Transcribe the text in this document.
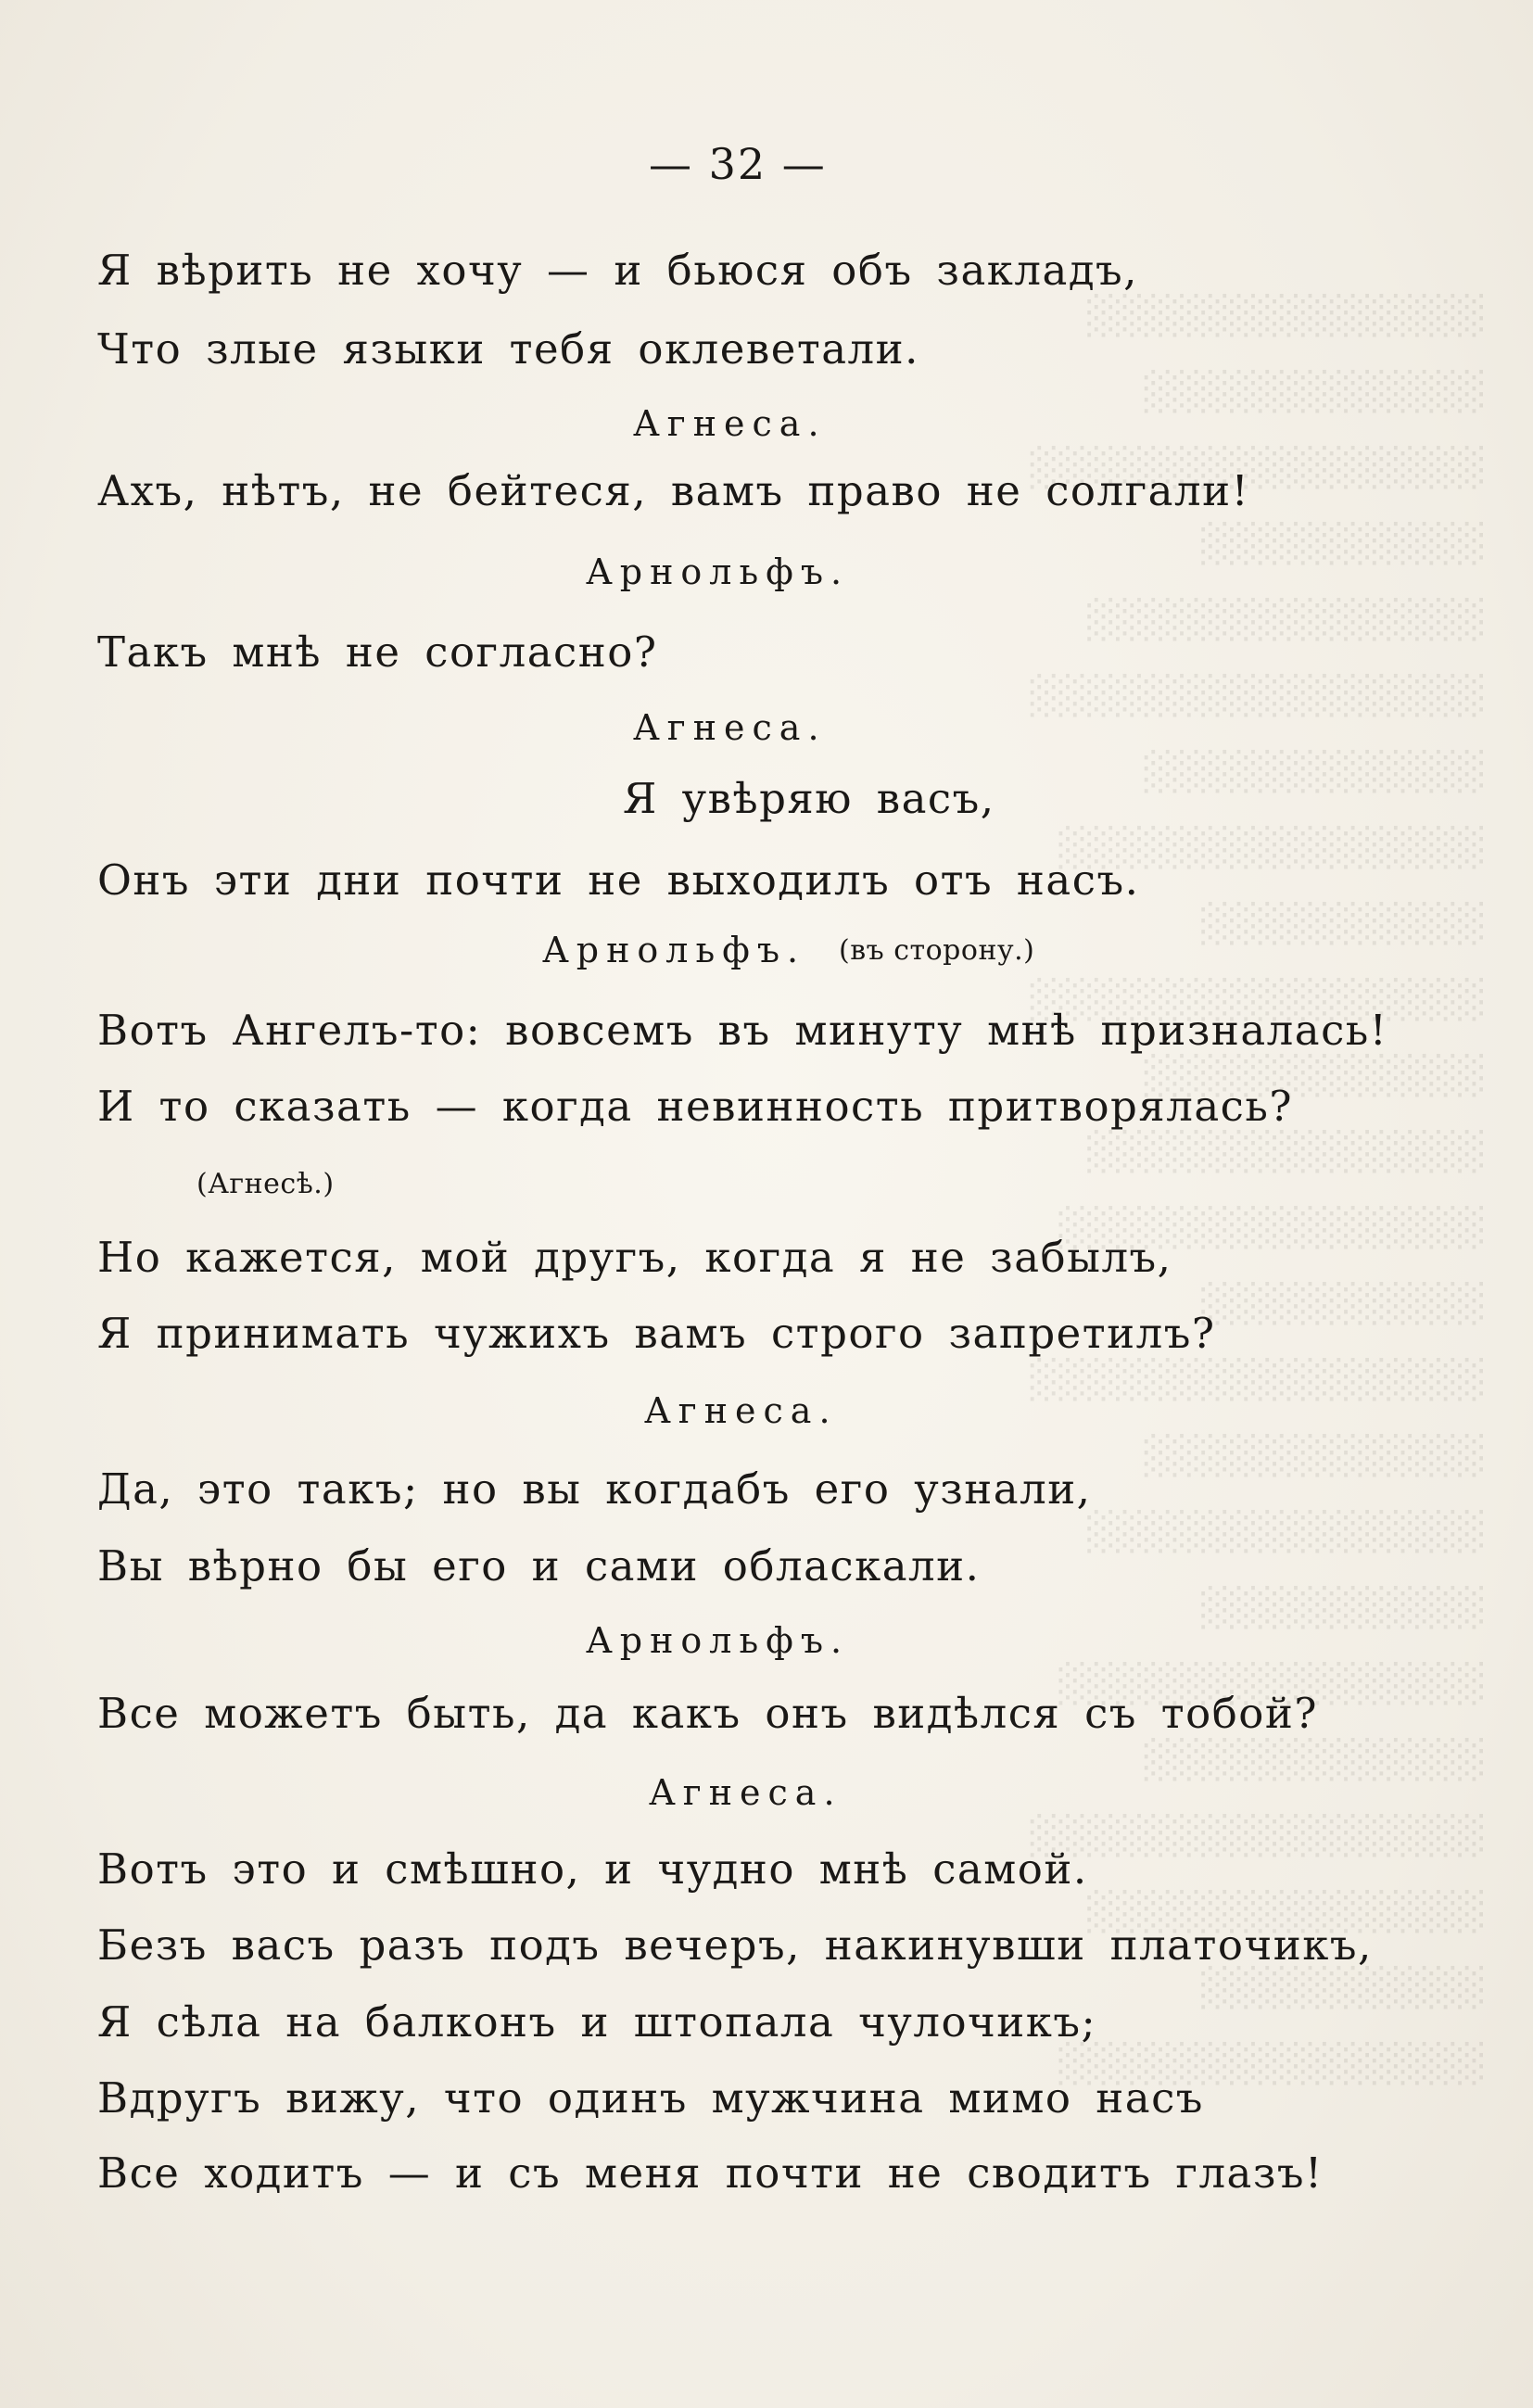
░░░░░░░░░░░░░░
░░░░░░░░░░░░
░░░░░░░░░░░░░░░░
░░░░░░░░░░
░░░░░░░░░░░░░░
░░░░░░░░░░░░░░░░
░░░░░░░░░░░░
░░░░░░░░░░░░░░░
░░░░░░░░░░
░░░░░░░░░░░░░░░░
░░░░░░░░░░░░
░░░░░░░░░░░░░░
░░░░░░░░░░░░░░░
░░░░░░░░░░
░░░░░░░░░░░░░░░░
░░░░░░░░░░░░
░░░░░░░░░░░░░░
░░░░░░░░░░
░░░░░░░░░░░░░░░
░░░░░░░░░░░░
░░░░░░░░░░░░░░░░
░░░░░░░░░░░░░░
░░░░░░░░░░
░░░░░░░░░░░░░░░
— 32 —
Я вѣрить не хочу — и бьюся объ закладъ,
Что злые языки тебя оклеветали.
Агнеса.
Ахъ, нѣтъ, не бейтеся, вамъ право не солгали!
Арнольфъ.
Такъ мнѣ не согласно?
Агнеса.
Я увѣряю васъ,
Онъ эти дни почти не выходилъ отъ насъ.
Арнольфъ. (въ сторону.)
Вотъ Ангелъ-то: вовсемъ въ минуту мнѣ призналась!
И то сказать — когда невинность притворялась?
(Агнесѣ.)
Но кажется, мой другъ, когда я не забылъ,
Я принимать чужихъ вамъ строго запретилъ?
Агнеса.
Да, это такъ; но вы когдабъ его узнали,
Вы вѣрно бы его и сами обласкали.
Арнольфъ.
Все можетъ быть, да какъ онъ видѣлся съ тобой?
Агнеса.
Вотъ это и смѣшно, и чудно мнѣ самой.
Безъ васъ разъ подъ вечеръ, накинувши платочикъ,
Я сѣла на балконъ и штопала чулочикъ;
Вдругъ вижу, что одинъ мужчина мимо насъ
Все ходитъ — и съ меня почти не сводитъ глазъ!
